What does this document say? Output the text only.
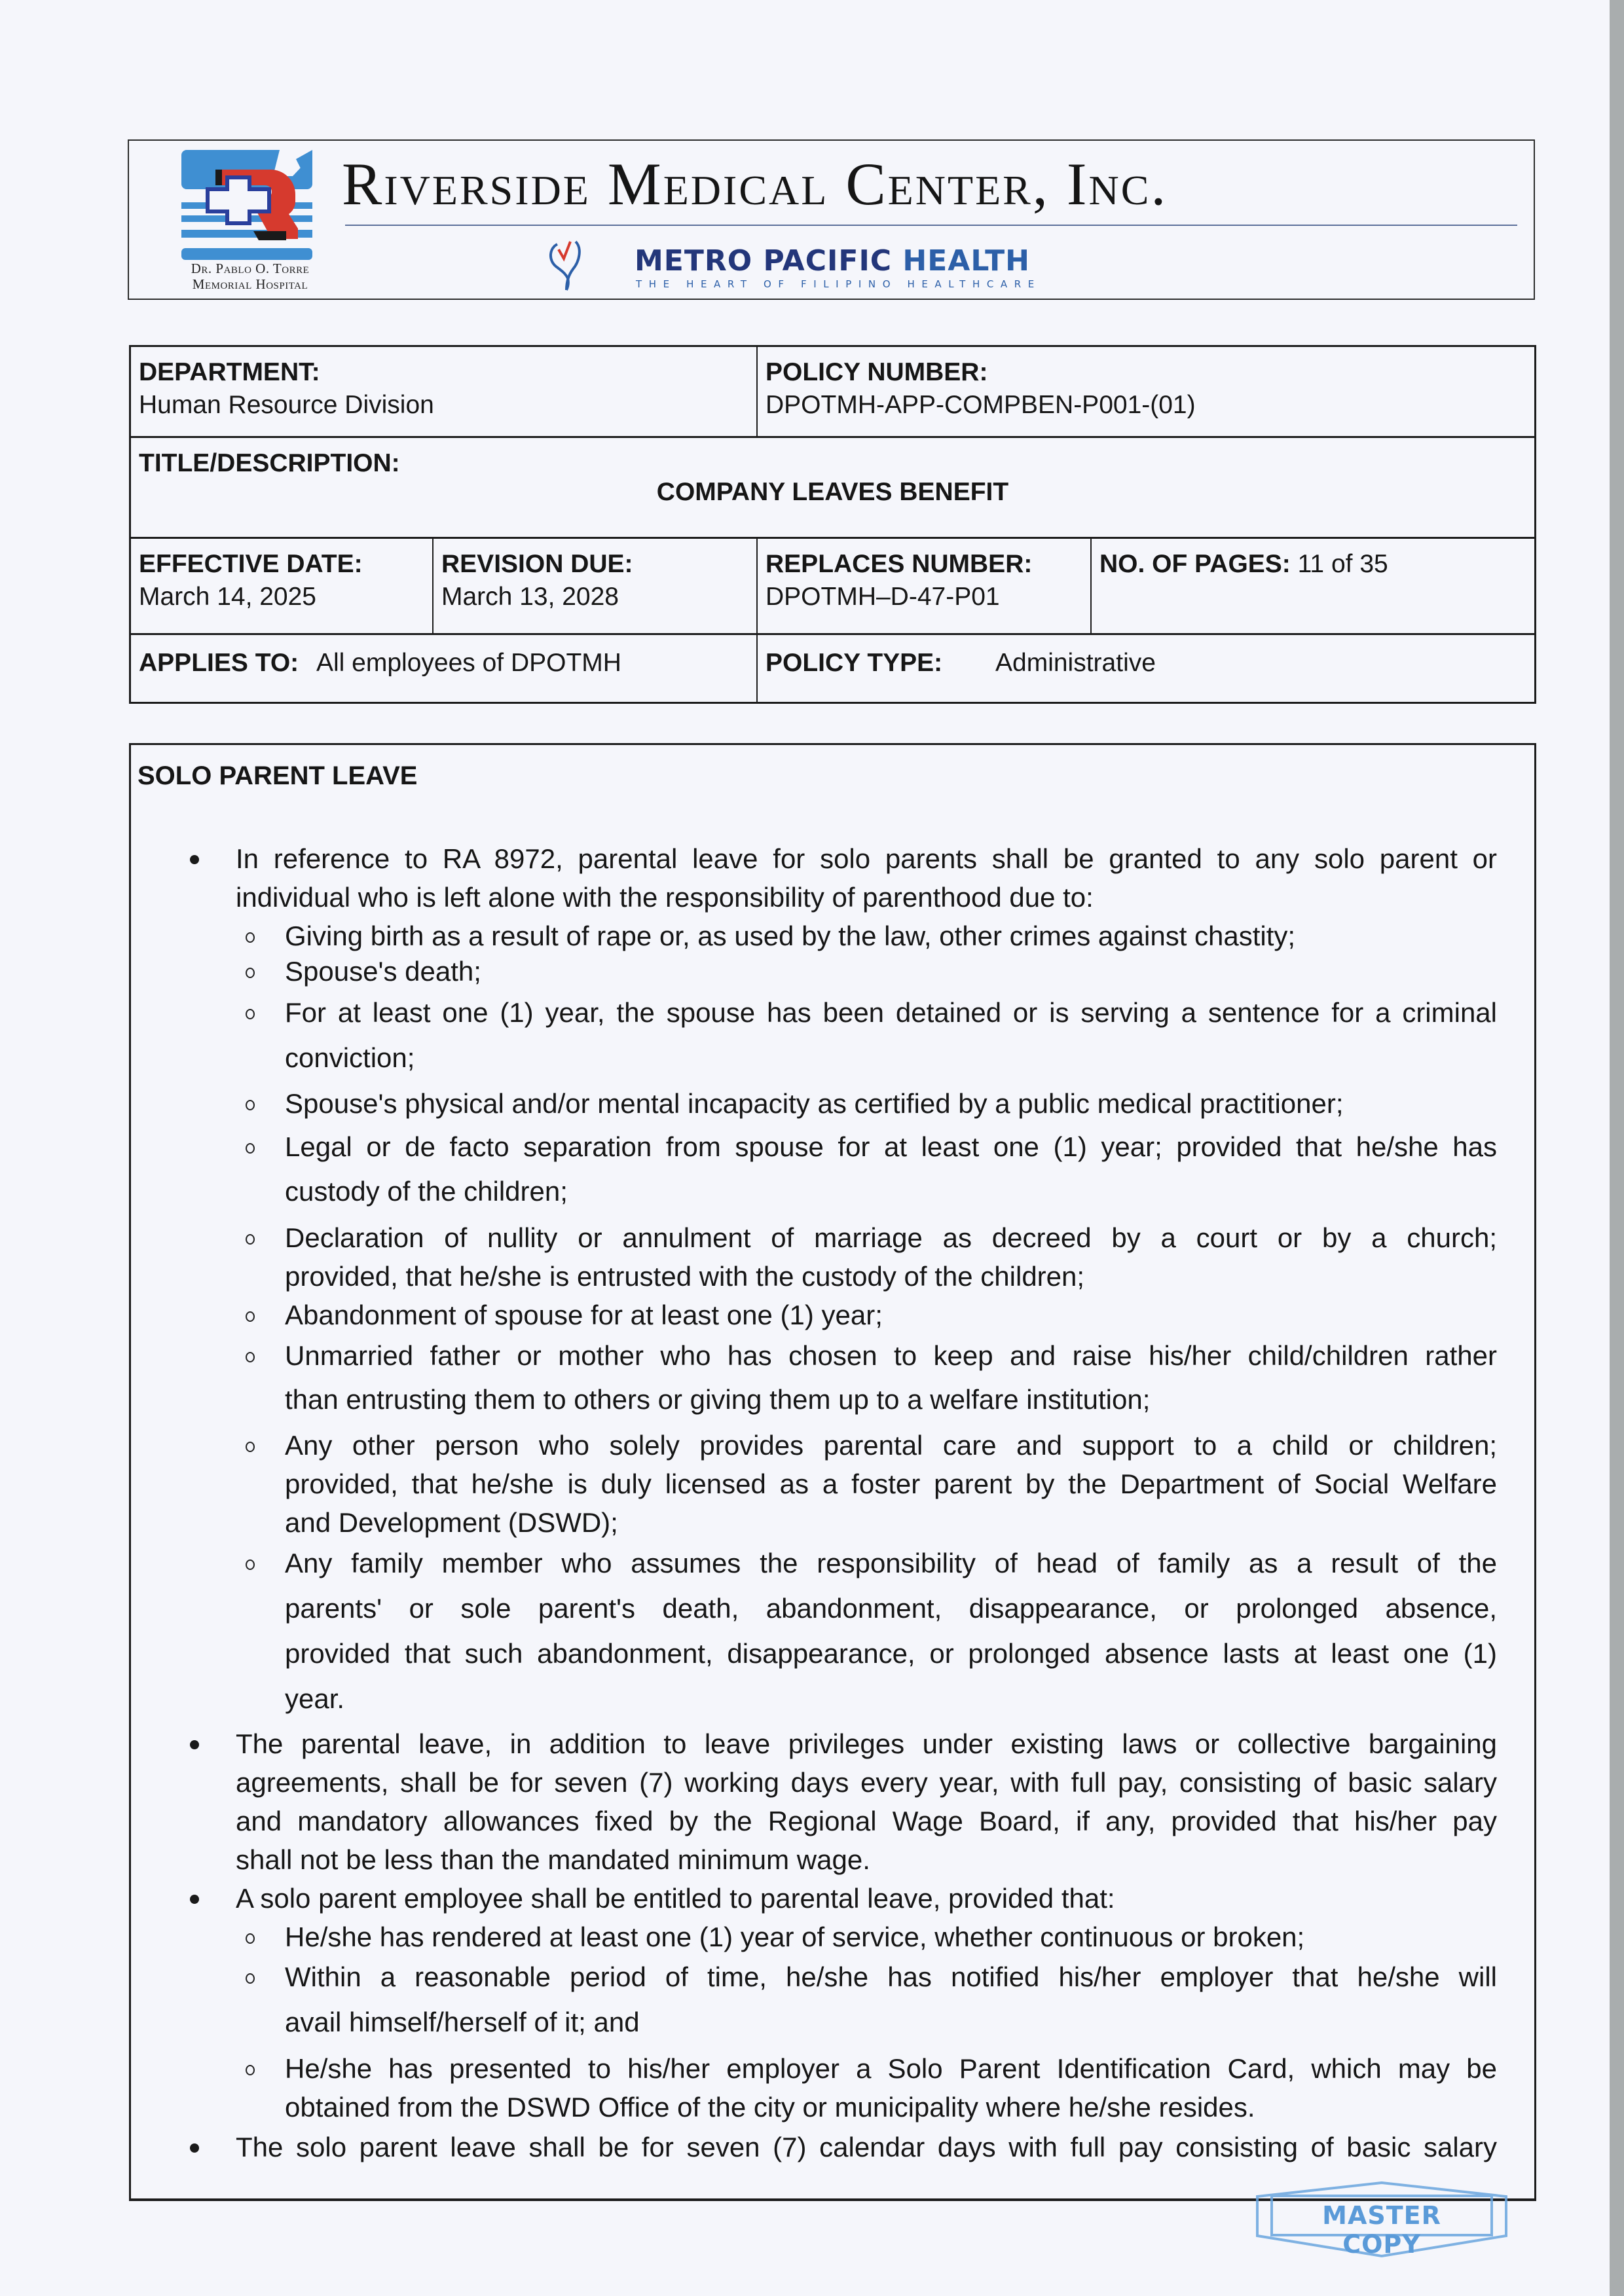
Dr. Pablo O. Torre
Memorial Hospital
Riverside Medical Center, Inc.
METRO PACIFIC HEALTH
THE HEART OF FILIPINO HEALTHCARE
DEPARTMENT:
Human Resource Division
POLICY NUMBER:
DPOTMH-APP-COMPBEN-P001-(01)
TITLE/DESCRIPTION:
COMPANY LEAVES BENEFIT
EFFECTIVE DATE:
March 14, 2025
REVISION DUE:
March 13, 2028
REPLACES NUMBER:
DPOTMH–D-47-P01
NO. OF PAGES: 11 of 35
APPLIES TO: All employees of DPOTMH	POLICY TYPE: Administrative
SOLO PARENT LEAVE
In reference to RA 8972, parental leave for solo parents shall be granted to any solo parent or
individual who is left alone with the responsibility of parenthood due to:
Giving birth as a result of rape or, as used by the law, other crimes against chastity;
Spouse's death;
For at least one (1) year, the spouse has been detained or is serving a sentence for a criminal
conviction;
Spouse's physical and/or mental incapacity as certified by a public medical practitioner;
Legal or de facto separation from spouse for at least one (1) year; provided that he/she has
custody of the children;
Declaration of nullity or annulment of marriage as decreed by a court or by a church;
provided, that he/she is entrusted with the custody of the children;
Abandonment of spouse for at least one (1) year;
Unmarried father or mother who has chosen to keep and raise his/her child/children rather
than entrusting them to others or giving them up to a welfare institution;
Any other person who solely provides parental care and support to a child or children;
provided, that he/she is duly licensed as a foster parent by the Department of Social Welfare
and Development (DSWD);
Any family member who assumes the responsibility of head of family as a result of the
parents' or sole parent's death, abandonment, disappearance, or prolonged absence,
provided that such abandonment, disappearance, or prolonged absence lasts at least one (1)
year.
The parental leave, in addition to leave privileges under existing laws or collective bargaining
agreements, shall be for seven (7) working days every year, with full pay, consisting of basic salary
and mandatory allowances fixed by the Regional Wage Board, if any, provided that his/her pay
shall not be less than the mandated minimum wage.
A solo parent employee shall be entitled to parental leave, provided that:
He/she has rendered at least one (1) year of service, whether continuous or broken;
Within a reasonable period of time, he/she has notified his/her employer that he/she will
avail himself/herself of it; and
He/she has presented to his/her employer a Solo Parent Identification Card, which may be
obtained from the DSWD Office of the city or municipality where he/she resides.
The solo parent leave shall be for seven (7) calendar days with full pay consisting of basic salary
MASTER COPY
